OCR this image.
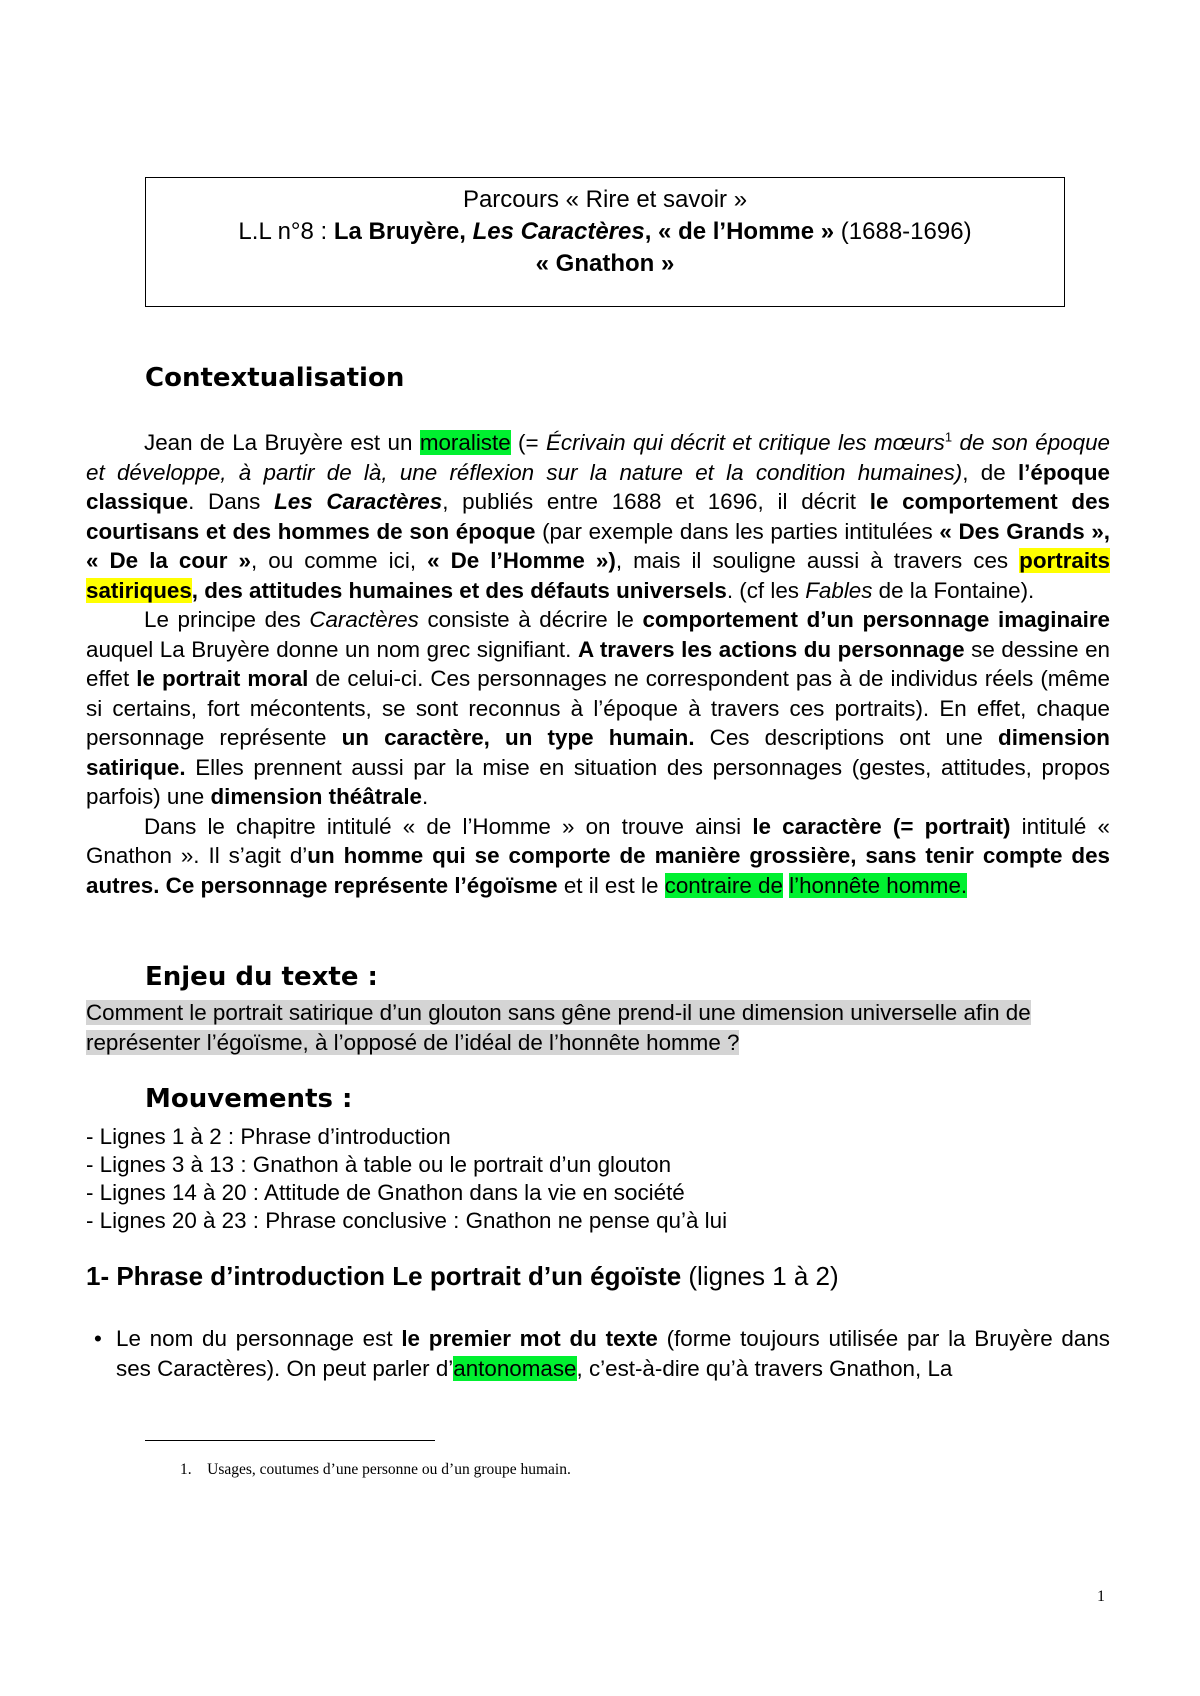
Parcours « Rire et savoir »
L.L n°8 : La Bruyère, Les Caractères, « de l’Homme » (1688-1696)
« Gnathon »
Contextualisation

Jean de La Bruyère est un moraliste (= Écrivain qui décrit et critique les mœurs$^1$ de son époque et développe, à partir de là, une réflexion sur la nature et la condition humaines), de l’époque classique. Dans Les Caractères, publiés entre 1688 et 1696, il décrit le comportement des courtisans et des hommes de son époque (par exemple dans les parties intitulées « Des Grands », « De la cour », ou comme ici, « De l’Homme »), mais il souligne aussi à travers ces portraits satiriques, des attitudes humaines et des défauts universels. (cf les Fables de la Fontaine).

Le principe des Caractères consiste à décrire le comportement d’un personnage imaginaire auquel La Bruyère donne un nom grec signifiant. A travers les actions du personnage se dessine en effet le portrait moral de celui-ci. Ces personnages ne correspondent pas à de individus réels (même si certains, fort mécontents, se sont reconnus à l’époque à travers ces portraits). En effet, chaque personnage représente un caractère, un type humain. Ces descriptions ont une dimension satirique. Elles prennent aussi par la mise en situation des personnages (gestes, attitudes, propos parfois) une dimension théâtrale.

Dans le chapitre intitulé « de l’Homme » on trouve ainsi le caractère (= portrait) intitulé « Gnathon ». Il s’agit d’un homme qui se comporte de manière grossière, sans tenir compte des autres. Ce personnage représente l’égoïsme et il est le contraire de l’honnête homme.

Enjeu du texte :
Comment le portrait satirique d’un glouton sans gêne prend-il une dimension universelle afin de représenter l’égoïsme, à l’opposé de l’idéal de l’honnête homme ?
Mouvements :
- Lignes 1 à 2 : Phrase d’introduction
- Lignes 3 à 13 : Gnathon à table ou le portrait d’un glouton
- Lignes 14 à 20 : Attitude de Gnathon dans la vie en société
- Lignes 20 à 23 : Phrase conclusive : Gnathon ne pense qu’à lui
1- Phrase d’introduction Le portrait d’un égoïste (lignes 1 à 2)
• Le nom du personnage est le premier mot du texte (forme toujours utilisée par la Bruyère dans ses Caractères). On peut parler d’antonomase, c’est-à-dire qu’à travers Gnathon, La

1. Usages, coutumes d’une personne ou d’un groupe humain.
1
